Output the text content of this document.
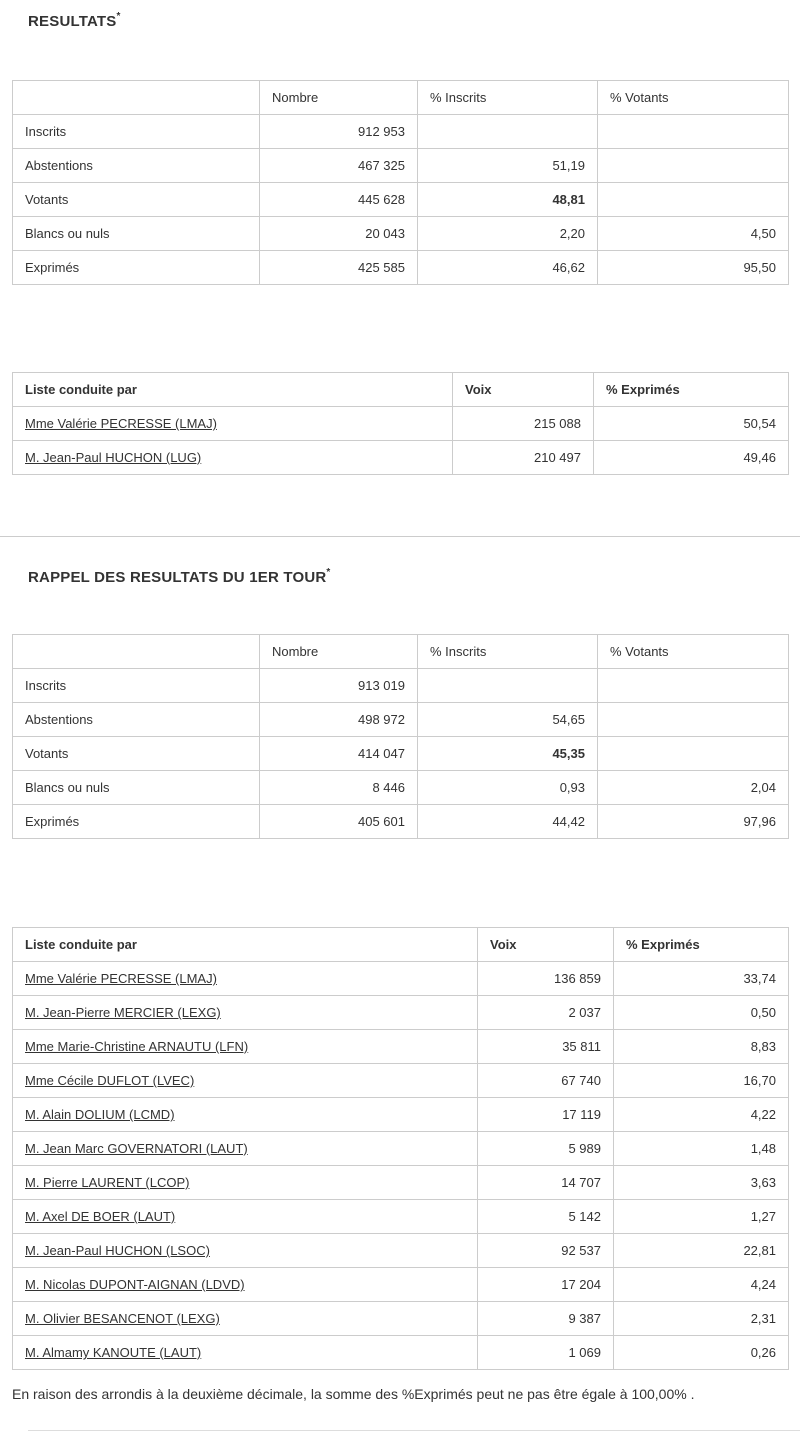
RESULTATS*
	Nombre	% Inscrits	% Votants
Inscrits	912 953		
Abstentions	467 325	51,19	
Votants	445 628	48,81	
Blancs ou nuls	20 043	2,20	4,50
Exprimés	425 585	46,62	95,50
Liste conduite par	Voix	% Exprimés
Mme Valérie PECRESSE (LMAJ)	215 088	50,54
M. Jean-Paul HUCHON (LUG)	210 497	49,46
RAPPEL DES RESULTATS DU 1ER TOUR*
	Nombre	% Inscrits	% Votants
Inscrits	913 019		
Abstentions	498 972	54,65	
Votants	414 047	45,35	
Blancs ou nuls	8 446	0,93	2,04
Exprimés	405 601	44,42	97,96
Liste conduite par	Voix	% Exprimés
Mme Valérie PECRESSE (LMAJ)	136 859	33,74
M. Jean-Pierre MERCIER (LEXG)	2 037	0,50
Mme Marie-Christine ARNAUTU (LFN)	35 811	8,83
Mme Cécile DUFLOT (LVEC)	67 740	16,70
M. Alain DOLIUM (LCMD)	17 119	4,22
M. Jean Marc GOVERNATORI (LAUT)	5 989	1,48
M. Pierre LAURENT (LCOP)	14 707	3,63
M. Axel DE BOER (LAUT)	5 142	1,27
M. Jean-Paul HUCHON (LSOC)	92 537	22,81
M. Nicolas DUPONT-AIGNAN (LDVD)	17 204	4,24
M. Olivier BESANCENOT (LEXG)	9 387	2,31
M. Almamy KANOUTE (LAUT)	1 069	0,26

En raison des arrondis à la deuxième décimale, la somme des %Exprimés peut ne pas être égale à 100,00% .
